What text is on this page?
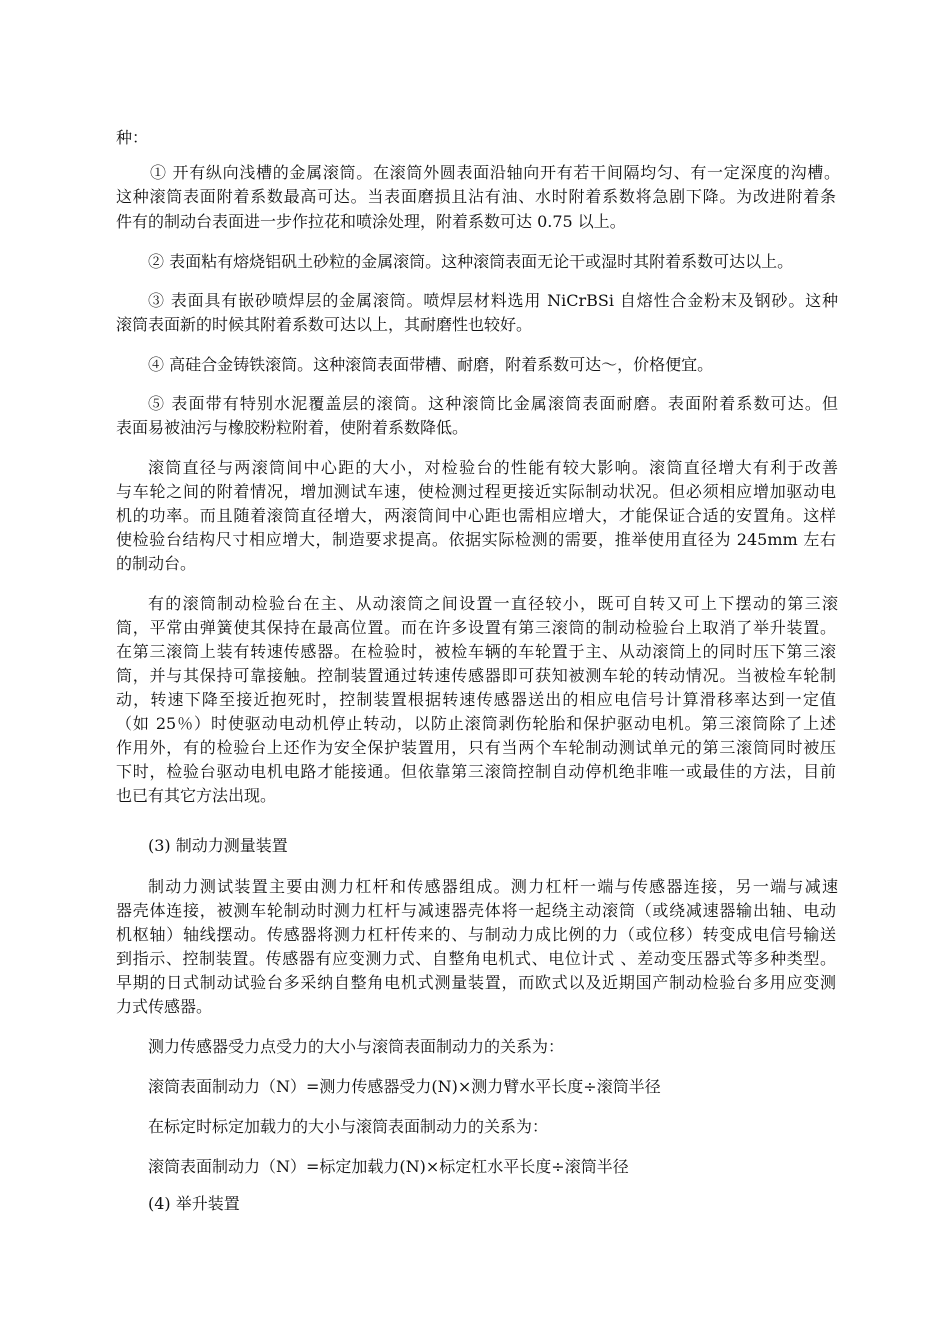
种：
① 开有纵向浅槽的金属滚筒。在滚筒外圆表面沿轴向开有若干间隔均匀、有一定深度的沟槽。
这种滚筒表面附着系数最高可达。当表面磨损且沾有油、水时附着系数将急剧下降。为改进附着条
件有的制动台表面进一步作拉花和喷涂处理，附着系数可达 0.75 以上。
② 表面粘有熔烧铝矾土砂粒的金属滚筒。这种滚筒表面无论干或湿时其附着系数可达以上。
③ 表面具有嵌砂喷焊层的金属滚筒。喷焊层材料选用 NiCrBSi 自熔性合金粉末及钢砂。这种
滚筒表面新的时候其附着系数可达以上，其耐磨性也较好。
④ 高硅合金铸铁滚筒。这种滚筒表面带槽、耐磨，附着系数可达～，价格便宜。
⑤ 表面带有特别水泥覆盖层的滚筒。这种滚筒比金属滚筒表面耐磨。表面附着系数可达。但
表面易被油污与橡胶粉粒附着，使附着系数降低。
滚筒直径与两滚筒间中心距的大小，对检验台的性能有较大影响。滚筒直径增大有利于改善
与车轮之间的附着情况，增加测试车速，使检测过程更接近实际制动状况。但必须相应增加驱动电
机的功率。而且随着滚筒直径增大，两滚筒间中心距也需相应增大，才能保证合适的安置角。这样
使检验台结构尺寸相应增大，制造要求提高。依据实际检测的需要，推举使用直径为 245mm 左右
的制动台。
有的滚筒制动检验台在主、从动滚筒之间设置一直径较小，既可自转又可上下摆动的第三滚
筒，平常由弹簧使其保持在最高位置。而在许多设置有第三滚筒的制动检验台上取消了举升装置。
在第三滚筒上装有转速传感器。在检验时，被检车辆的车轮置于主、从动滚筒上的同时压下第三滚
筒，并与其保持可靠接触。控制装置通过转速传感器即可获知被测车轮的转动情况。当被检车轮制
动，转速下降至接近抱死时，控制装置根据转速传感器送出的相应电信号计算滑移率达到一定值
（如 25％）时使驱动电动机停止转动，以防止滚筒剥伤轮胎和保护驱动电机。第三滚筒除了上述
作用外，有的检验台上还作为安全保护装置用，只有当两个车轮制动测试单元的第三滚筒同时被压
下时，检验台驱动电机电路才能接通。但依靠第三滚筒控制自动停机绝非唯一或最佳的方法，目前
也已有其它方法出现。
(3) 制动力测量装置
制动力测试装置主要由测力杠杆和传感器组成。测力杠杆一端与传感器连接，另一端与减速
器壳体连接，被测车轮制动时测力杠杆与减速器壳体将一起绕主动滚筒（或绕减速器输出轴、电动
机枢轴）轴线摆动。传感器将测力杠杆传来的、与制动力成比例的力（或位移）转变成电信号输送
到指示、控制装置。传感器有应变测力式、自整角电机式、电位计式 、差动变压器式等多种类型。
早期的日式制动试验台多采纳自整角电机式测量装置，而欧式以及近期国产制动检验台多用应变测
力式传感器。
测力传感器受力点受力的大小与滚筒表面制动力的关系为：
滚筒表面制动力（N）=测力传感器受力(N)×测力臂水平长度÷滚筒半径
在标定时标定加载力的大小与滚筒表面制动力的关系为：
滚筒表面制动力（N）=标定加载力(N)×标定杠水平长度÷滚筒半径
(4) 举升装置
